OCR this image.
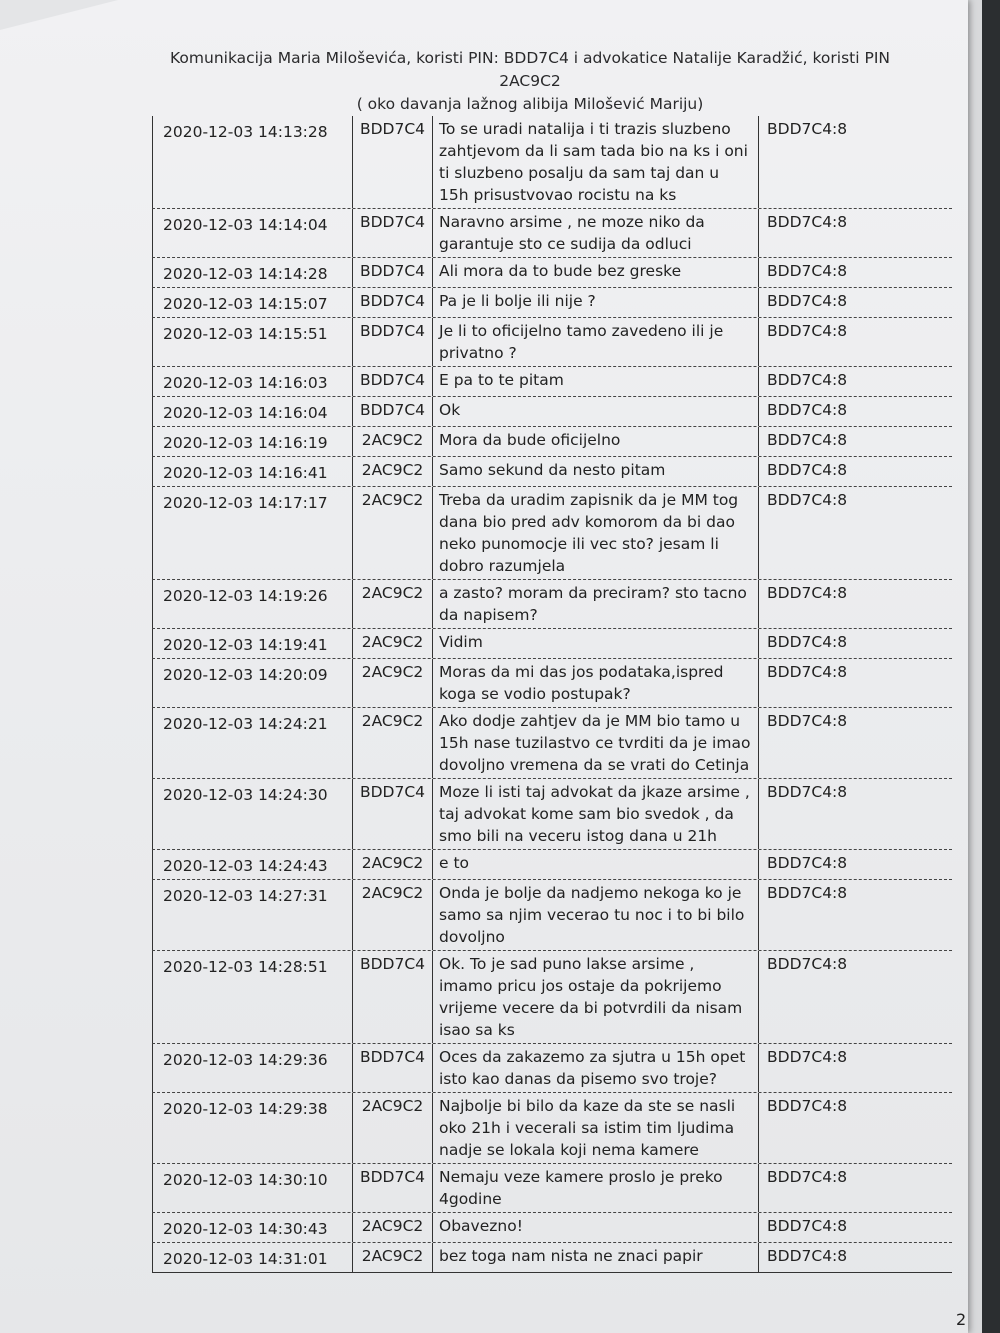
Komunikacija Maria Miloševića, koristi PIN: BDD7C4 i advokatice Natalije Karadžić, koristi PIN
2AC9C2
( oko davanja lažnog alibija Milošević Mariju)
2020-12-03 14:13:28	BDD7C4 To se uradi natalija i ti trazis sluzbeno zahtjevom da li sam tada bio na ks i oni ti sluzbeno posalju da sam taj dan u 15h prisustvovao rocistu na ks
BDD7C4:8
2020-12-03 14:14:04	BDD7C4 Naravno arsime , ne moze niko da garantuje sto ce sudija da odluci
BDD7C4:8
2020-12-03 14:14:28	BDD7C4 Ali mora da to bude bez greske	BDD7C4:8
2020-12-03 14:15:07	BDD7C4 Pa je li bolje ili nije ?	BDD7C4:8
2020-12-03 14:15:51	BDD7C4 Je li to oficijelno tamo zavedeno ili je privatno ?
BDD7C4:8
2020-12-03 14:16:03	BDD7C4 E pa to te pitam	BDD7C4:8
2020-12-03 14:16:04	BDD7C4 Ok	BDD7C4:8
2020-12-03 14:16:19	2AC9C2	Mora da bude oficijelno	BDD7C4:8
2020-12-03 14:16:41	2AC9C2	Samo sekund da nesto pitam	BDD7C4:8
2020-12-03 14:17:17	2AC9C2	Treba da uradim zapisnik da je MM tog dana bio pred adv komorom da bi dao neko punomocje ili vec sto? jesam li dobro razumjela
BDD7C4:8
2020-12-03 14:19:26	2AC9C2	a zasto? moram da preciram? sto tacno da napisem?
BDD7C4:8
2020-12-03 14:19:41	2AC9C2	Vidim	BDD7C4:8
2020-12-03 14:20:09	2AC9C2	Moras da mi das jos podataka,ispred koga se vodio postupak?
BDD7C4:8
2020-12-03 14:24:21	2AC9C2	Ako dodje zahtjev da je MM bio tamo u 15h nase tuzilastvo ce tvrditi da je imao dovoljno vremena da se vrati do Cetinja
BDD7C4:8
2020-12-03 14:24:30	BDD7C4 Moze li isti taj advokat da jkaze arsime , taj advokat kome sam bio svedok , da smo bili na veceru istog dana u 21h
BDD7C4:8
2020-12-03 14:24:43	2AC9C2	e to	BDD7C4:8
2020-12-03 14:27:31	2AC9C2	Onda je bolje da nadjemo nekoga ko je samo sa njim vecerao tu noc i to bi bilo dovoljno
BDD7C4:8
2020-12-03 14:28:51	BDD7C4 Ok. To je sad puno lakse arsime , imamo pricu jos ostaje da pokrijemo vrijeme vecere da bi potvrdili da nisam isao sa ks
BDD7C4:8
2020-12-03 14:29:36	BDD7C4 Oces da zakazemo za sjutra u 15h opet isto kao danas da pisemo svo troje?
BDD7C4:8
2020-12-03 14:29:38	2AC9C2	Najbolje bi bilo da kaze da ste se nasli oko 21h i vecerali sa istim tim ljudima nadje se lokala koji nema kamere
BDD7C4:8
2020-12-03 14:30:10	BDD7C4 Nemaju veze kamere proslo je preko 4godine
BDD7C4:8
2020-12-03 14:30:43	2AC9C2	Obavezno!	BDD7C4:8
2020-12-03 14:31:01	2AC9C2	bez toga nam nista ne znaci papir	BDD7C4:8
2
